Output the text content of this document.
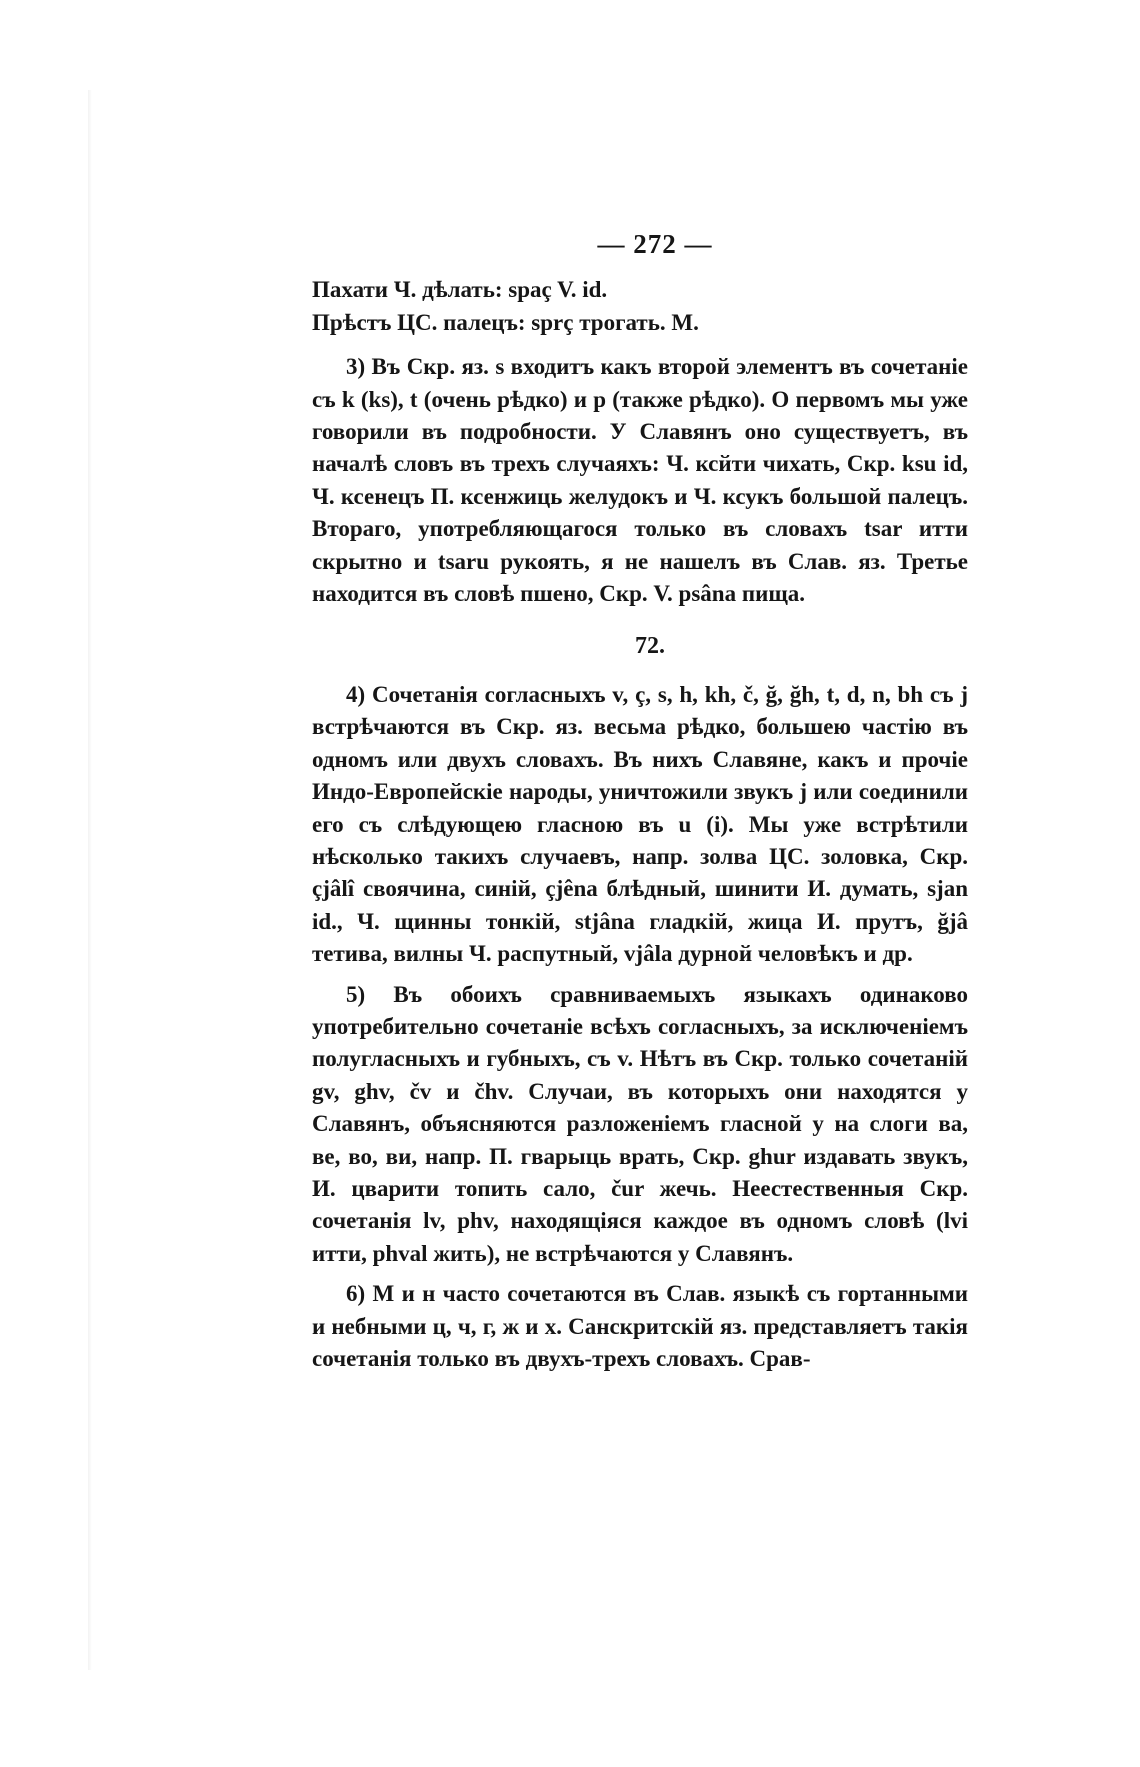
— 272 —

Пахати Ч. дѣлать: spaç V. id.

Прѣстъ ЦС. палецъ: sprç трогать. М.

3) Въ Скр. яз. s входитъ какъ второй элементъ въ сочетаніе съ k (ks), t (очень рѣдко) и p (также рѣдко). О первомъ мы уже говорили въ подробности. У Славянъ оно существуетъ, въ началѣ словъ въ трехъ случаяхъ: Ч. ксйти чихать, Скр. ksu id, Ч. ксенецъ П. ксенжиць желудокъ и Ч. ксукъ большой палецъ. Втораго, употребляющагося только въ словахъ tsar итти скрытно и tsaru рукоять, я не нашелъ въ Слав. яз. Третье находится въ словѣ пшено, Скр. V. psâna пища.

72.

4) Сочетанія согласныхъ v, ç, s, h, kh, č, ğ, ğh, t, d, n, bh съ j встрѣчаются въ Скр. яз. весьма рѣдко, большею частію въ одномъ или двухъ словахъ. Въ нихъ Славяне, какъ и прочіе Индо-Европейскіе народы, уничтожили звукъ j или соединили его съ слѣдующею гласною въ u (i). Мы уже встрѣтили нѣсколько такихъ случаевъ, напр. золва ЦС. золовка, Скр. çjâlî своячина, синій, çjêna блѣдный, шинити И. думать, sjan id., Ч. щинны тонкій, stjâna гладкій, жица И. прутъ, ğjâ тетива, вилны Ч. распутный, vjâla дурной человѣкъ и др.

5) Въ обоихъ сравниваемыхъ языкахъ одинаково употребительно сочетаніе всѣхъ согласныхъ, за исключеніемъ полугласныхъ и губныхъ, съ v. Нѣтъ въ Скр. только сочетаній gv, ghv, čv и čhv. Случаи, въ которыхъ они находятся у Славянъ, объясняются разложеніемъ гласной y на слоги ва, ве, во, ви, напр. П. гварыць врать, Скр. ghur издавать звукъ, И. цварити топить сало, čur жечь. Неестественныя Скр. сочетанія lv, phv, находящіяся каждое въ одномъ словѣ (lvi итти, phval жить), не встрѣчаются у Славянъ.

6) М и н часто сочетаются въ Слав. языкѣ съ гортанными и небными ц, ч, г, ж и х. Санскритскій яз. представляетъ такія сочетанія только въ двухъ-трехъ словахъ. Срав-
